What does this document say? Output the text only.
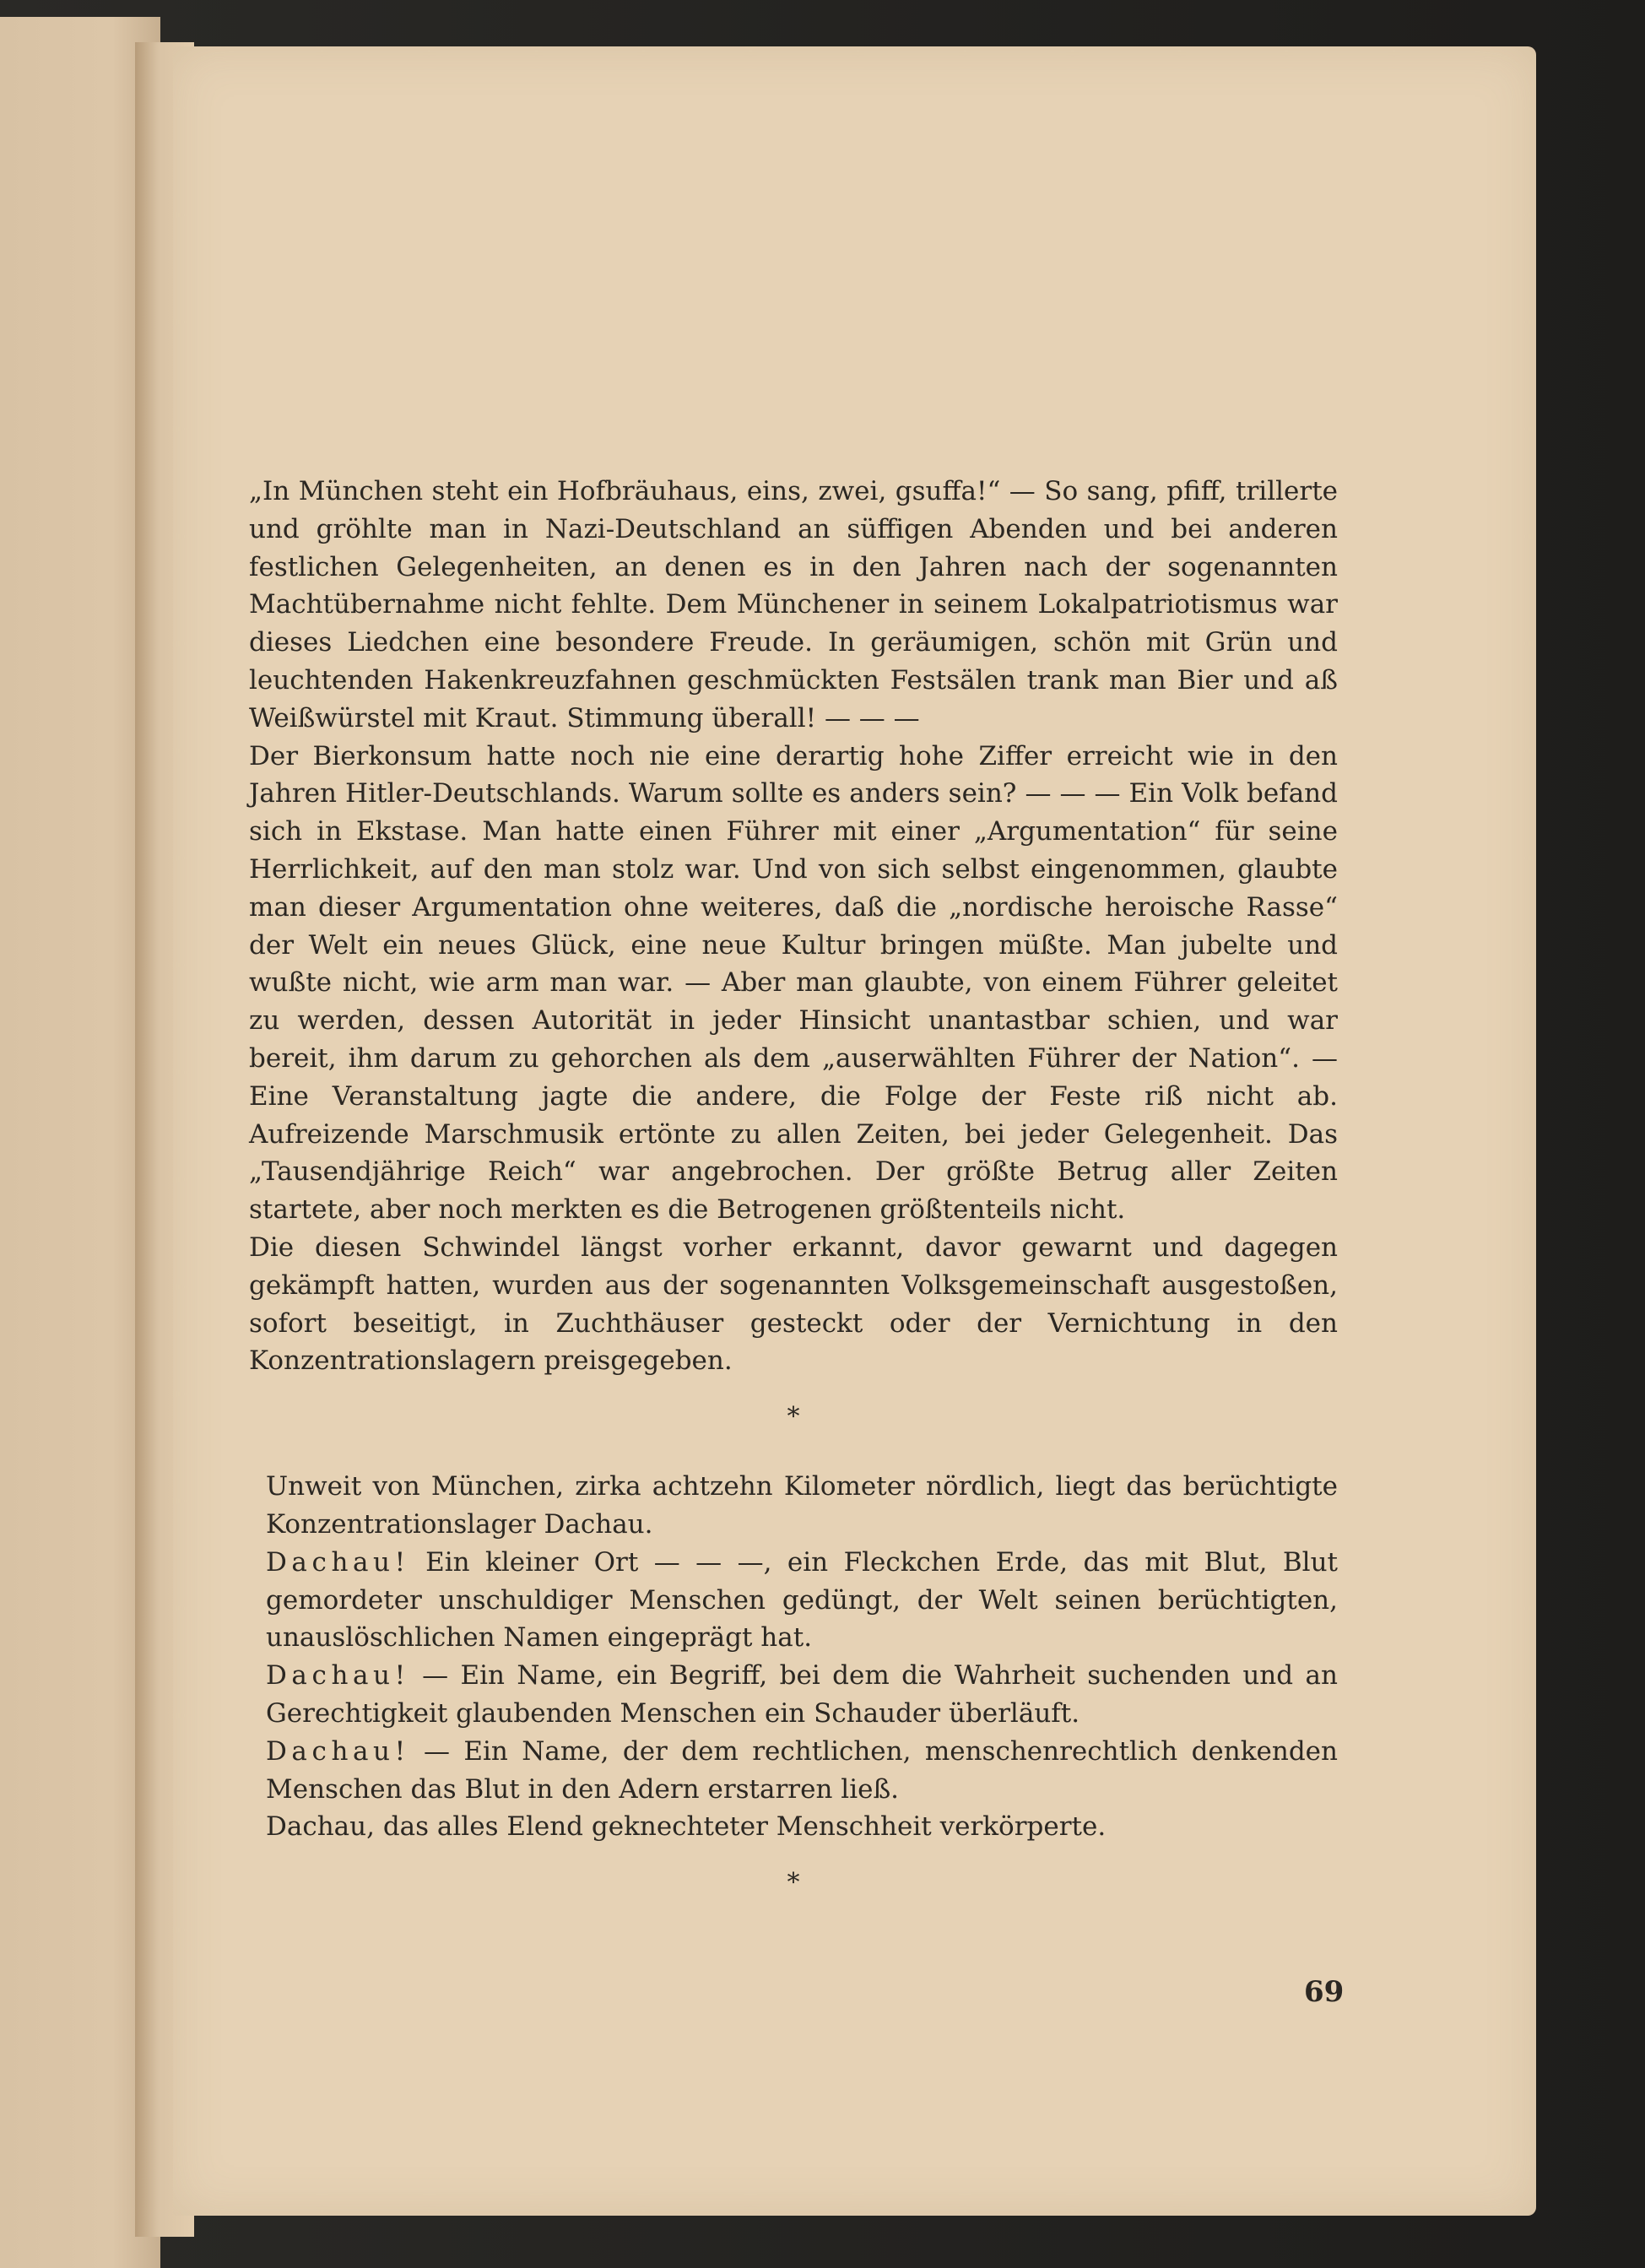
„In München steht ein Hofbräuhaus, eins, zwei, gsuffa!“ — So sang, pfiff, trillerte und gröhlte man in Nazi-Deutschland an süffigen Abenden und bei anderen festlichen Gelegenheiten, an denen es in den Jahren nach der sogenannten Machtübernahme nicht fehlte. Dem Münchener in seinem Lokalpatriotismus war dieses Liedchen eine besondere Freude. In geräumigen, schön mit Grün und leuchtenden Hakenkreuzfahnen geschmückten Festsälen trank man Bier und aß Weißwürstel mit Kraut. Stimmung überall! — — —

Der Bierkonsum hatte noch nie eine derartig hohe Ziffer erreicht wie in den Jahren Hitler-Deutschlands. Warum sollte es anders sein? — — — Ein Volk befand sich in Ekstase. Man hatte einen Führer mit einer „Argumentation“ für seine Herrlichkeit, auf den man stolz war. Und von sich selbst eingenommen, glaubte man dieser Argumentation ohne weiteres, daß die „nordische heroische Rasse“ der Welt ein neues Glück, eine neue Kultur bringen müßte. Man jubelte und wußte nicht, wie arm man war. — Aber man glaubte, von einem Führer geleitet zu werden, dessen Autorität in jeder Hinsicht unantastbar schien, und war bereit, ihm darum zu gehorchen als dem „auserwählten Führer der Nation“. — Eine Veranstaltung jagte die andere, die Folge der Feste riß nicht ab. Aufreizende Marschmusik ertönte zu allen Zeiten, bei jeder Gelegenheit. Das „Tausendjährige Reich“ war angebrochen. Der größte Betrug aller Zeiten startete, aber noch merkten es die Betrogenen größtenteils nicht.

Die diesen Schwindel längst vorher erkannt, davor gewarnt und dagegen gekämpft hatten, wurden aus der sogenannten Volksgemeinschaft ausgestoßen, sofort beseitigt, in Zuchthäuser gesteckt oder der Vernichtung in den Konzentrationslagern preisgegeben.

*

Unweit von München, zirka achtzehn Kilometer nördlich, liegt das berüchtigte Konzentrationslager Dachau.

Dachau! Ein kleiner Ort — — —, ein Fleckchen Erde, das mit Blut, Blut gemordeter unschuldiger Menschen gedüngt, der Welt seinen berüchtigten, unauslöschlichen Namen eingeprägt hat.

Dachau! — Ein Name, ein Begriff, bei dem die Wahrheit suchenden und an Gerechtigkeit glaubenden Menschen ein Schauder überläuft.

Dachau! — Ein Name, der dem rechtlichen, menschenrechtlich denkenden Menschen das Blut in den Adern erstarren ließ.

Dachau, das alles Elend geknechteter Menschheit verkörperte.

*
69
